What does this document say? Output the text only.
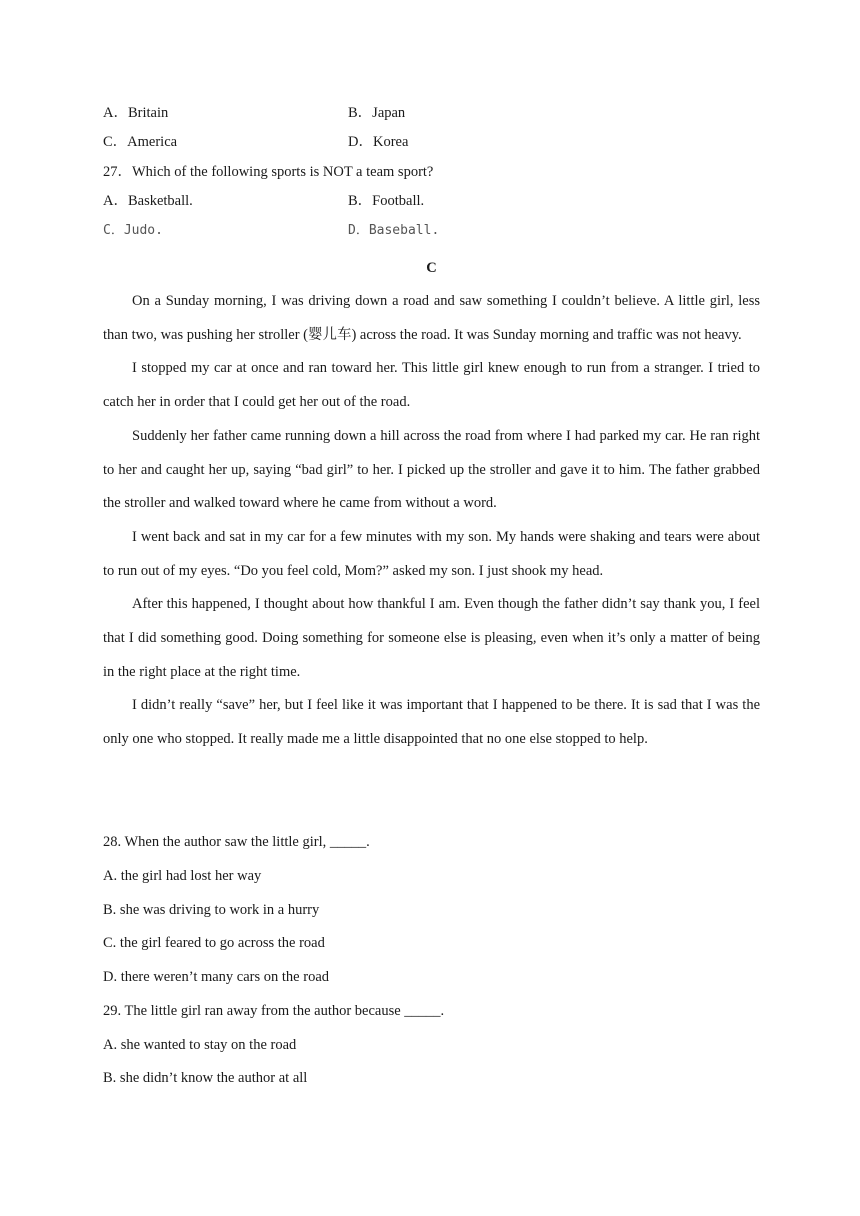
A．Britain	B．Japan
C．America	D．Korea
27．Which of the following sports is NOT a team sport?
A．Basketball.	B．Football.
C．Judo.	D．Baseball.
C

On a Sunday morning, I was driving down a road and saw something I couldn’t believe. A little girl, less than two, was pushing her stroller (婴儿车) across the road. It was Sunday morning and traffic was not heavy.

I stopped my car at once and ran toward her. This little girl knew enough to run from a stranger. I tried to catch her in order that I could get her out of the road.

Suddenly her father came running down a hill across the road from where I had parked my car. He ran right to her and caught her up, saying “bad girl” to her. I picked up the stroller and gave it to him. The father grabbed the stroller and walked toward where he came from without a word.

I went back and sat in my car for a few minutes with my son. My hands were shaking and tears were about to run out of my eyes. “Do you feel cold, Mom?” asked my son. I just shook my head.

After this happened, I thought about how thankful I am. Even though the father didn’t say thank you, I feel that I did something good. Doing something for someone else is pleasing, even when it’s only a matter of being in the right place at the right time.

I didn’t really “save” her, but I feel like it was important that I happened to be there. It is sad that I was the only one who stopped. It really made me a little disappointed that no one else stopped to help.

28. When the author saw the little girl, _____.
A. the girl had lost her way
B. she was driving to work in a hurry
C. the girl feared to go across the road
D. there weren’t many cars on the road
29. The little girl ran away from the author because _____.
A. she wanted to stay on the road
B. she didn’t know the author at all
